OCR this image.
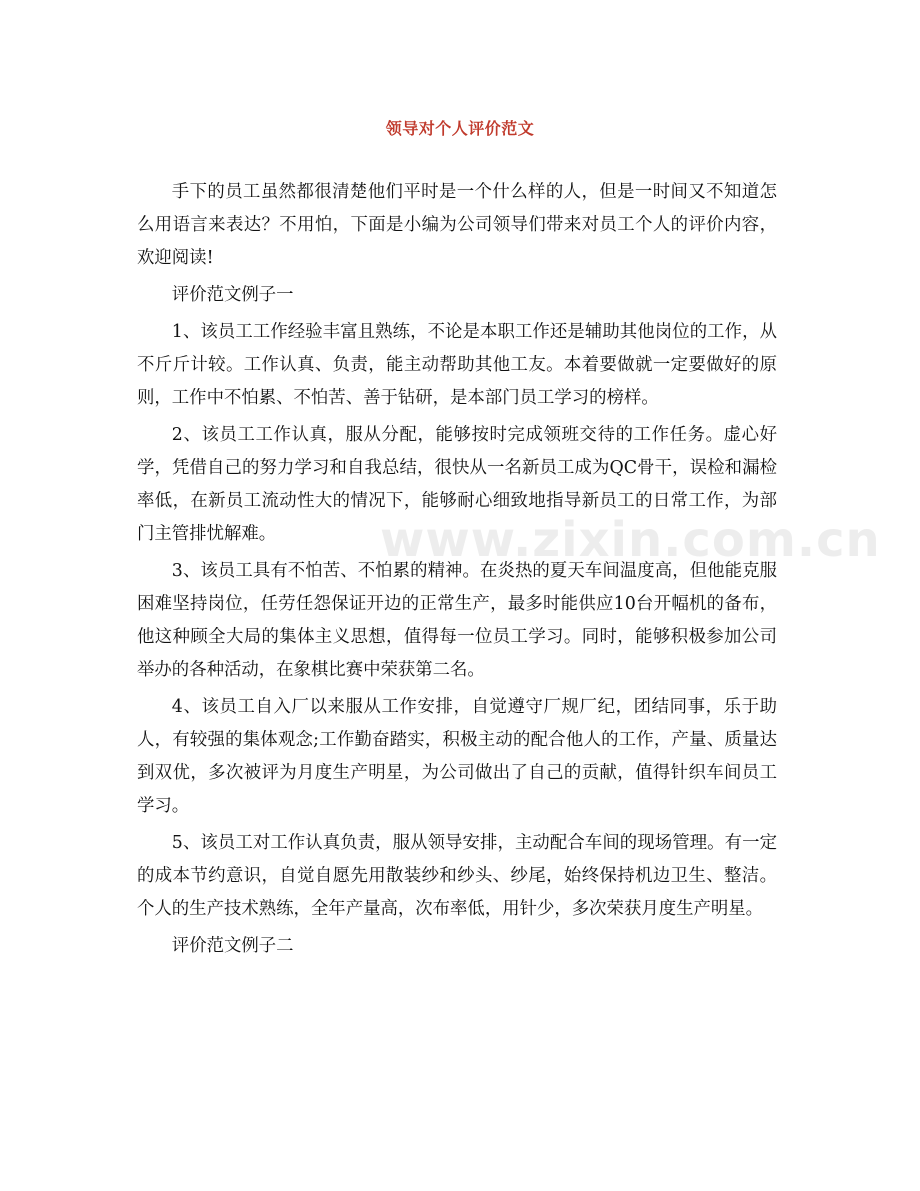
领导对个人评价范文
www.zixin.com.cn

手下的员工虽然都很清楚他们平时是一个什么样的人，但是一时间又不知道怎么用语言来表达？不用怕，下面是小编为公司领导们带来对员工个人的评价内容，欢迎阅读!

评价范文例子一

1、该员工工作经验丰富且熟练，不论是本职工作还是辅助其他岗位的工作，从不斤斤计较。工作认真、负责，能主动帮助其他工友。本着要做就一定要做好的原则，工作中不怕累、不怕苦、善于钻研，是本部门员工学习的榜样。

2、该员工工作认真，服从分配，能够按时完成领班交待的工作任务。虚心好学，凭借自己的努力学习和自我总结，很快从一名新员工成为QC骨干，误检和漏检率低，在新员工流动性大的情况下，能够耐心细致地指导新员工的日常工作，为部门主管排忧解难。

3、该员工具有不怕苦、不怕累的精神。在炎热的夏天车间温度高，但他能克服困难坚持岗位，任劳任怨保证开边的正常生产，最多时能供应10台开幅机的备布，他这种顾全大局的集体主义思想，值得每一位员工学习。同时，能够积极参加公司举办的各种活动，在象棋比赛中荣获第二名。

4、该员工自入厂以来服从工作安排，自觉遵守厂规厂纪，团结同事，乐于助人，有较强的集体观念;工作勤奋踏实，积极主动的配合他人的工作，产量、质量达到双优，多次被评为月度生产明星，为公司做出了自己的贡献，值得针织车间员工学习。

5、该员工对工作认真负责，服从领导安排，主动配合车间的现场管理。有一定的成本节约意识，自觉自愿先用散装纱和纱头、纱尾，始终保持机边卫生、整洁。个人的生产技术熟练，全年产量高，次布率低，用针少，多次荣获月度生产明星。

评价范文例子二
